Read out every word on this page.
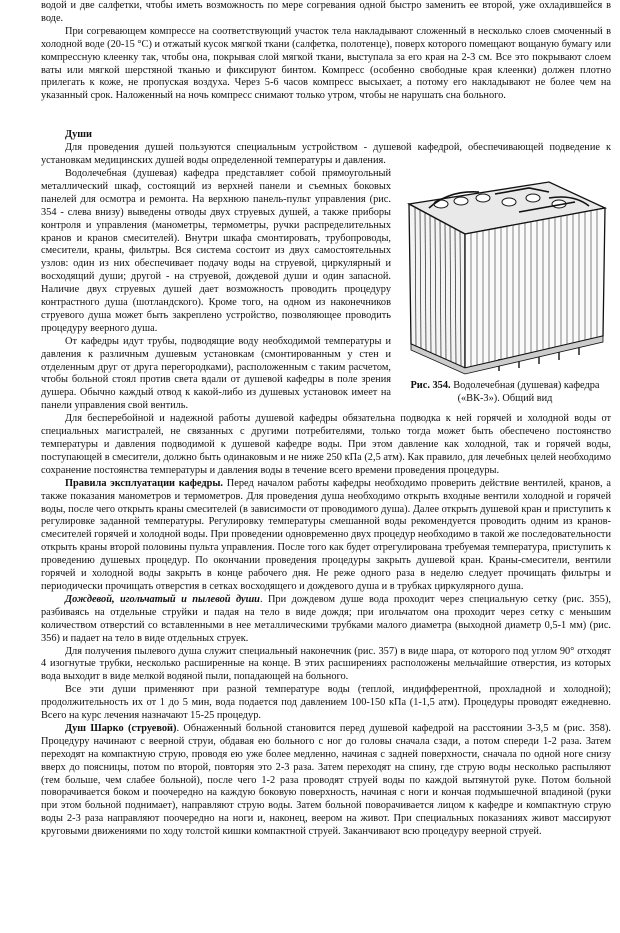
водой и две салфетки, чтобы иметь возможность по мере согревания одной быстро заменить ее второй, уже охладившейся в воде.

При согревающем компрессе на соответствующий участок тела накладывают сложенный в несколько слоев смоченный в холодной воде (20-15 °С) и отжатый кусок мягкой ткани (салфетка, полотенце), поверх которого помещают вощаную бумагу или компрессную клеенку так, чтобы она, покрывая слой мягкой ткани, выступала за его края на 2-3 см. Все это покрывают слоем ваты или мягкой шерстяной тканью и фиксируют бинтом. Компресс (особенно свободные края клеенки) должен плотно прилегать к коже, не пропуская воздуха. Через 5-6 часов компресс высыхает, а потому его накладывают не более чем на указанный срок. Наложенный на ночь компресс снимают только утром, чтобы не нарушать сна больного.

Души

Для проведения душей пользуются специальным устройством - душевой кафедрой, обеспечивающей подведение к установкам медицинских душей воды определенной температуры и давления.

Рис. 354. Водолечебная (душевая) кафедра («ВК-3»). Общий вид

Водолечебная (душевая) кафедра представляет собой прямоугольный металлический шкаф, состоящий из верхней панели и съемных боковых панелей для осмотра и ремонта. На верхнюю панель-пульт управления (рис. 354 - слева внизу) выведены отводы двух струевых душей, а также приборы контроля и управления (манометры, термометры, ручки распределительных кранов и кранов смесителей). Внутри шкафа смонтировать, трубопроводы, смесители, краны, фильтры. Вся система состоит из двух самостоятельных узлов: один из них обеспечивает подачу воды на струевой, циркулярный и восходящий души; другой - на струевой, дождевой души и один запасной. Наличие двух струевых душей дает возможность проводить процедуру контрастного душа (шотландского). Кроме того, на одном из наконечников струевого душа может быть закреплено устройство, позволяющее проводить процедуру веерного душа.

От кафедры идут трубы, подводящие воду необходимой температуры и давления к различным душевым установкам (смонтированным у стен и отделенным друг от друга перегородками), расположенным с таким расчетом, чтобы больной стоял против света вдали от душевой кафедры в поле зрения душера. Обычно каждый отвод к какой-либо из душевых установок имеет на панели управления свой вентиль.

Для бесперебойной и надежной работы душевой кафедры обязательна подводка к ней горячей и холодной воды от специальных магистралей, не связанных с другими потребителями, только тогда может быть обеспечено постоянство температуры и давления подводимой к душевой кафедре воды. При этом давление как холодной, так и горячей воды, поступающей в смесители, должно быть одинаковым и не ниже 250 кПа (2,5 атм). Как правило, для лечебных целей необходимо сохранение постоянства температуры и давления воды в течение всего времени проведения процедуры.

Правила эксплуатации кафедры. Перед началом работы кафедры необходимо проверить действие вентилей, кранов, а также показания манометров и термометров. Для проведения душа необходимо открыть входные вентили холодной и горячей воды, после чего открыть краны смесителей (в зависимости от проводимого душа). Далее открыть душевой кран и приступить к регулировке заданной температуры. Регулировку температуры смешанной воды рекомендуется проводить одним из кранов-смесителей горячей и холодной воды. При проведении одновременно двух процедур необходимо в такой же последовательности открыть краны второй половины пульта управления. После того как будет отрегулирована требуемая температура, приступить к проведению душевых процедур. По окончании проведения процедуры закрыть душевой кран. Краны-смесители, вентили горячей и холодной воды закрыть в конце рабочего дня. Не реже одного раза в неделю следует прочищать фильтры и периодически прочищать отверстия в сетках восходящего и дождевого душа и в трубках циркулярного душа.

Дождевой, игольчатый и пылевой души. При дождевом душе вода проходит через специальную сетку (рис. 355), разбиваясь на отдельные струйки и падая на тело в виде дождя; при игольчатом она проходит через сетку с меньшим количеством отверстий со вставленными в нее металлическими трубками малого диаметра (выходной диаметр 0,5-1 мм) (рис. 356) и падает на тело в виде отдельных струек.

Для получения пылевого душа служит специальный наконечник (рис. 357) в виде шара, от которого под углом 90° отходят 4 изогнутые трубки, несколько расширенные на конце. В этих расширениях расположены мельчайшие отверстия, из которых вода выходит в виде мелкой водяной пыли, попадающей на больного.

Все эти души применяют при разной температуре воды (теплой, индифферентной, прохладной и холодной); продолжительность их от 1 до 5 мин, вода подается под давлением 100-150 кПа (1-1,5 атм). Процедуры проводят ежедневно. Всего на курс лечения назначают 15-25 процедур.

Душ Шарко (струевой). Обнаженный больной становится перед душевой кафедрой на расстоянии 3-3,5 м (рис. 358). Процедуру начинают с веерной струи, обдавая ею больного с ног до головы сначала сзади, а потом спереди 1-2 раза. Затем переходят на компактную струю, проводя ею уже более медленно, начиная с задней поверхности, сначала по одной ноге снизу вверх до поясницы, потом по второй, повторяя это 2-3 раза. Затем переходят на спину, где струю воды несколько распыляют (тем больше, чем слабее больной), после чего 1-2 раза проводят струей воды по каждой вытянутой руке. Потом больной поворачивается боком и поочередно на каждую боковую поверхность, начиная с ноги и кончая подмышечной впадиной (руки при этом больной поднимает), направляют струю воды. Затем больной поворачивается лицом к кафедре и компактную струю воды 2-3 раза направляют поочередно на ноги и, наконец, веером на живот. При специальных показаниях живот массируют круговыми движениями по ходу толстой кишки компактной струей. Заканчивают всю процедуру веерной струей.
